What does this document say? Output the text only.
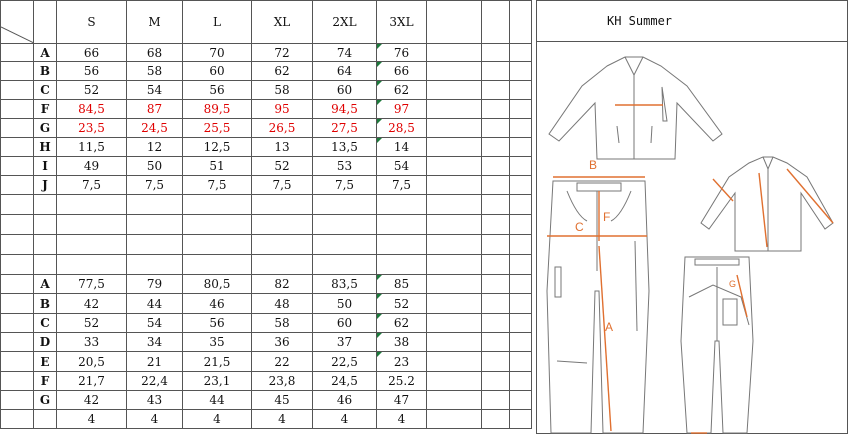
		S	M	L	XL	2XL	3XL			
	A	66	68	70	72	74	76			
	B	56	58	60	62	64	66			
	C	52	54	56	58	60	62			
	F	84,5	87	89,5	95	94,5	97			
	G	23,5	24,5	25,5	26,5	27,5	28,5			
	H	11,5	12	12,5	13	13,5	14			
	I	49	50	51	52	53	54			
	J	7,5	7,5	7,5	7,5	7,5	7,5			

	A	77,5	79	80,5	82	83,5	85			
	B	42	44	46	48	50	52			
	C	52	54	56	58	60	62			
	D	33	34	35	36	37	38			
	E	20,5	21	21,5	22	22,5	23			
	F	21,7	22,4	23,1	23,8	24,5	25.2			
	G	42	43	44	45	46	47			
		4	4	4	4	4	4			
KH Summer
B
F
C
A
G
